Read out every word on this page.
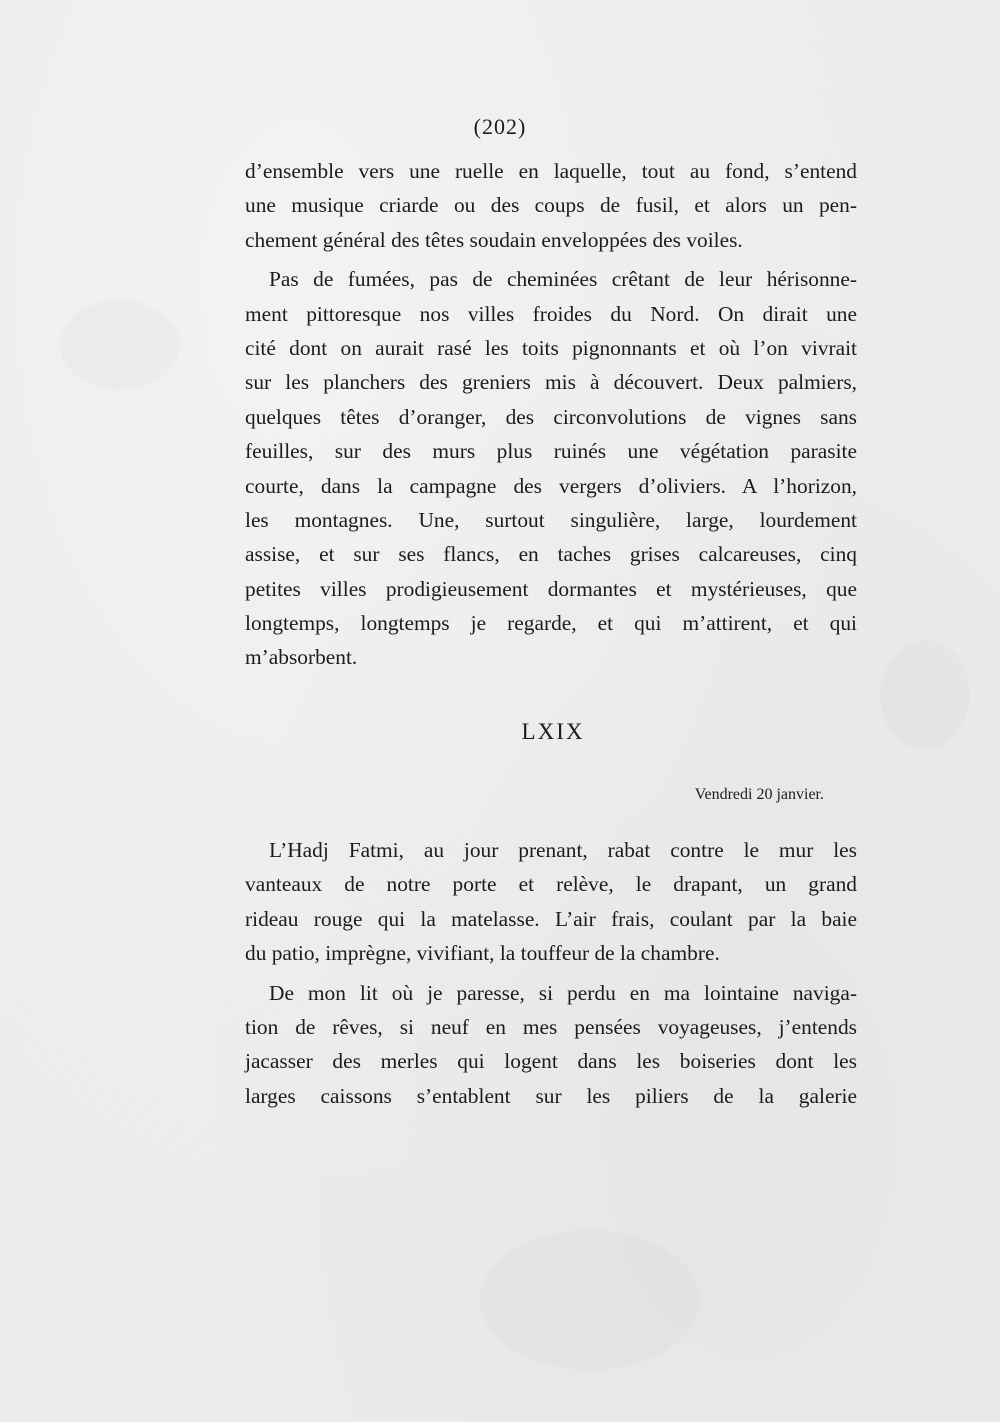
(202)

d’ensemble vers une ruelle en laquelle, tout au fond, s’entend
une musique criarde ou des coups de fusil, et alors un pen-
chement général des têtes soudain enveloppées des voiles.
Pas de fumées, pas de cheminées crêtant de leur hérisonne-
ment pittoresque nos villes froides du Nord. On dirait une
cité dont on aurait rasé les toits pignonnants et où l’on vivrait
sur les planchers des greniers mis à découvert. Deux palmiers,
quelques têtes d’oranger, des circonvolutions de vignes sans
feuilles, sur des murs plus ruinés une végétation parasite
courte, dans la campagne des vergers d’oliviers. A l’horizon,
les montagnes. Une, surtout singulière, large, lourdement
assise, et sur ses flancs, en taches grises calcareuses, cinq
petites villes prodigieusement dormantes et mystérieuses, que
longtemps, longtemps je regarde, et qui m’attirent, et qui
m’absorbent.
LXIX

Vendredi 20 janvier.

L’Hadj Fatmi, au jour prenant, rabat contre le mur les
vanteaux de notre porte et relève, le drapant, un grand
rideau rouge qui la matelasse. L’air frais, coulant par la baie
du patio, imprègne, vivifiant, la touffeur de la chambre.
De mon lit où je paresse, si perdu en ma lointaine naviga-
tion de rêves, si neuf en mes pensées voyageuses, j’entends
jacasser des merles qui logent dans les boiseries dont les
larges caissons s’entablent sur les piliers de la galerie
